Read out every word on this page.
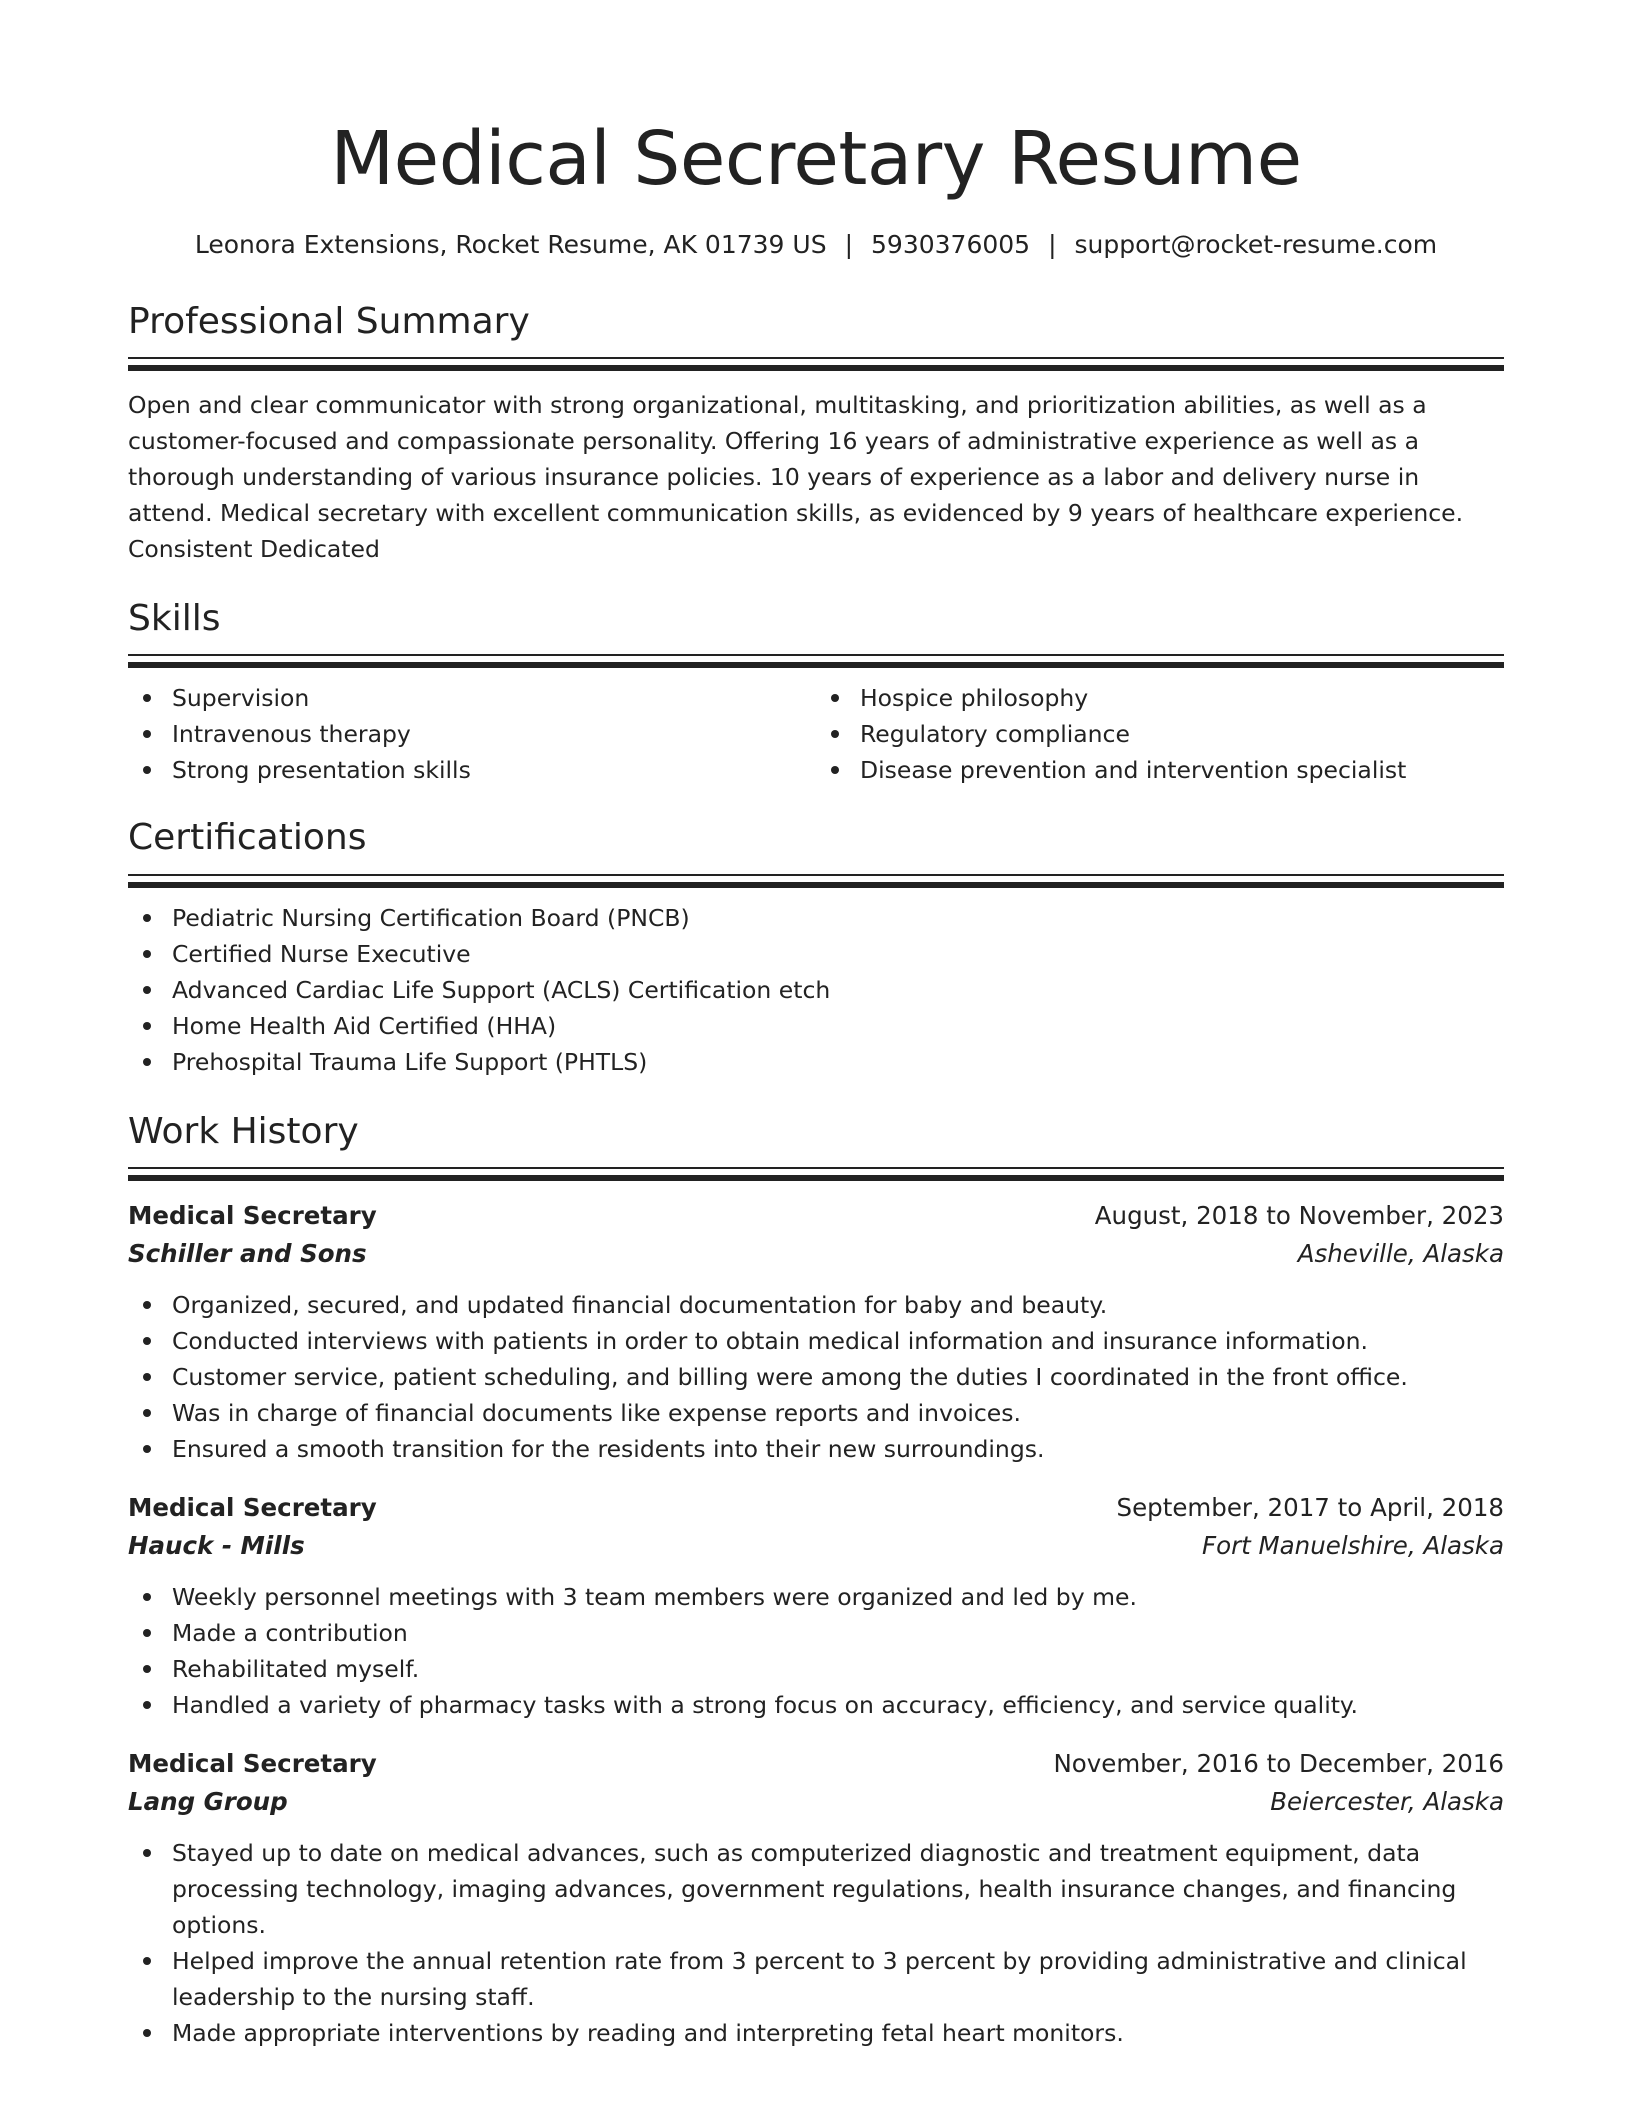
Medical Secretary Resume
Leonora Extensions, Rocket Resume, AK 01739 US | 5930376005 | support@rocket-resume.com
Professional Summary

Open and clear communicator with strong organizational, multitasking, and prioritization abilities, as well as a customer-focused and compassionate personality. Offering 16 years of administrative experience as well as a thorough understanding of various insurance policies. 10 years of experience as a labor and delivery nurse in attend. Medical secretary with excellent communication skills, as evidenced by 9 years of healthcare experience. Consistent Dedicated

Skills
Supervision
Intravenous therapy
Strong presentation skills
Hospice philosophy
Regulatory compliance
Disease prevention and intervention specialist
Certifications
Pediatric Nursing Certification Board (PNCB)
Certified Nurse Executive
Advanced Cardiac Life Support (ACLS) Certification etch
Home Health Aid Certified (HHA)
Prehospital Trauma Life Support (PHTLS)
Work History
Medical Secretary	August, 2018 to November, 2023
Schiller and Sons	Asheville, Alaska
Organized, secured, and updated financial documentation for baby and beauty.
Conducted interviews with patients in order to obtain medical information and insurance information.
Customer service, patient scheduling, and billing were among the duties I coordinated in the front office.
Was in charge of financial documents like expense reports and invoices.
Ensured a smooth transition for the residents into their new surroundings.
Medical Secretary	September, 2017 to April, 2018
Hauck - Mills	Fort Manuelshire, Alaska
Weekly personnel meetings with 3 team members were organized and led by me.
Made a contribution
Rehabilitated myself.
Handled a variety of pharmacy tasks with a strong focus on accuracy, efficiency, and service quality.
Medical Secretary	November, 2016 to December, 2016
Lang Group	Beiercester, Alaska
Stayed up to date on medical advances, such as computerized diagnostic and treatment equipment, data processing technology, imaging advances, government regulations, health insurance changes, and financing options.
Helped improve the annual retention rate from 3 percent to 3 percent by providing administrative and clinical leadership to the nursing staff.
Made appropriate interventions by reading and interpreting fetal heart monitors.
